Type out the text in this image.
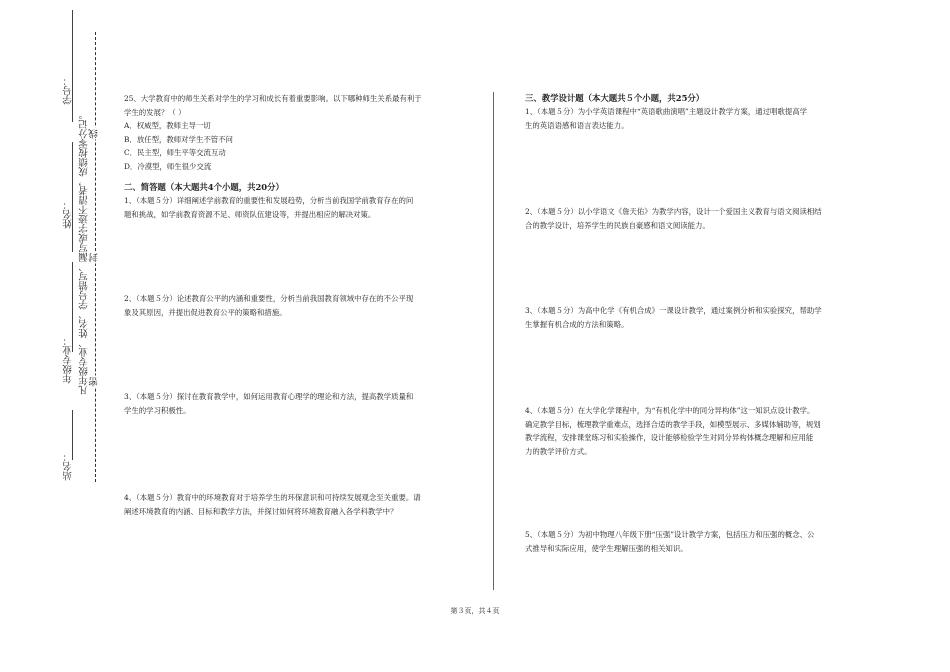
学号：
姓名：
年级专业：
站名：
凡年级专业、姓名、学号错写、漏写或字迹不清者，成绩按零分记。 线
封
密

25、大学教育中的师生关系对学生的学习和成长有着重要影响。以下哪种师生关系最有利于

学生的发展？（ ）

A．权威型，教师主导一切

B．放任型，教师对学生不管不问

C．民主型，师生平等交流互动

D．冷漠型，师生很少交流

二、简答题（本大题共4个小题，共20分）

1、（本题５分）详细阐述学前教育的重要性和发展趋势，分析当前我国学前教育存在的问

题和挑战，如学前教育资源不足、师资队伍建设等，并提出相应的解决对策。

2、（本题５分）论述教育公平的内涵和重要性，分析当前我国教育领域中存在的不公平现

象及其原因，并提出促进教育公平的策略和措施。

3、（本题５分）探讨在教育教学中，如何运用教育心理学的理论和方法，提高教学质量和

学生的学习积极性。

4、（本题５分）教育中的环境教育对于培养学生的环保意识和可持续发展观念至关重要。请

阐述环境教育的内涵、目标和教学方法，并探讨如何将环境教育融入各学科教学中？

三、教学设计题（本大题共５个小题，共25分）

1、（本题５分）为小学英语课程中“英语歌曲演唱”主题设计教学方案，通过唱歌提高学

生的英语语感和语言表达能力。

2、（本题５分）以小学语文《詹天佑》为教学内容，设计一个爱国主义教育与语文阅读相结

合的教学设计，培养学生的民族自豪感和语文阅读能力。

3、（本题５分）为高中化学《有机合成》一课设计教学，通过案例分析和实验探究，帮助学

生掌握有机合成的方法和策略。

4、（本题５分）在大学化学课程中，为“有机化学中的同分异构体”这一知识点设计教学。

确定教学目标，梳理教学重难点，选择合适的教学手段，如模型展示、多媒体辅助等，规划

教学流程，安排课堂练习和实验操作，设计能够检验学生对同分异构体概念理解和应用能

力的教学评价方式。

5、（本题５分）为初中物理八年级下册“压强”设计教学方案，包括压力和压强的概念、公

式推导和实际应用，使学生理解压强的相关知识。

第３页，共４页
